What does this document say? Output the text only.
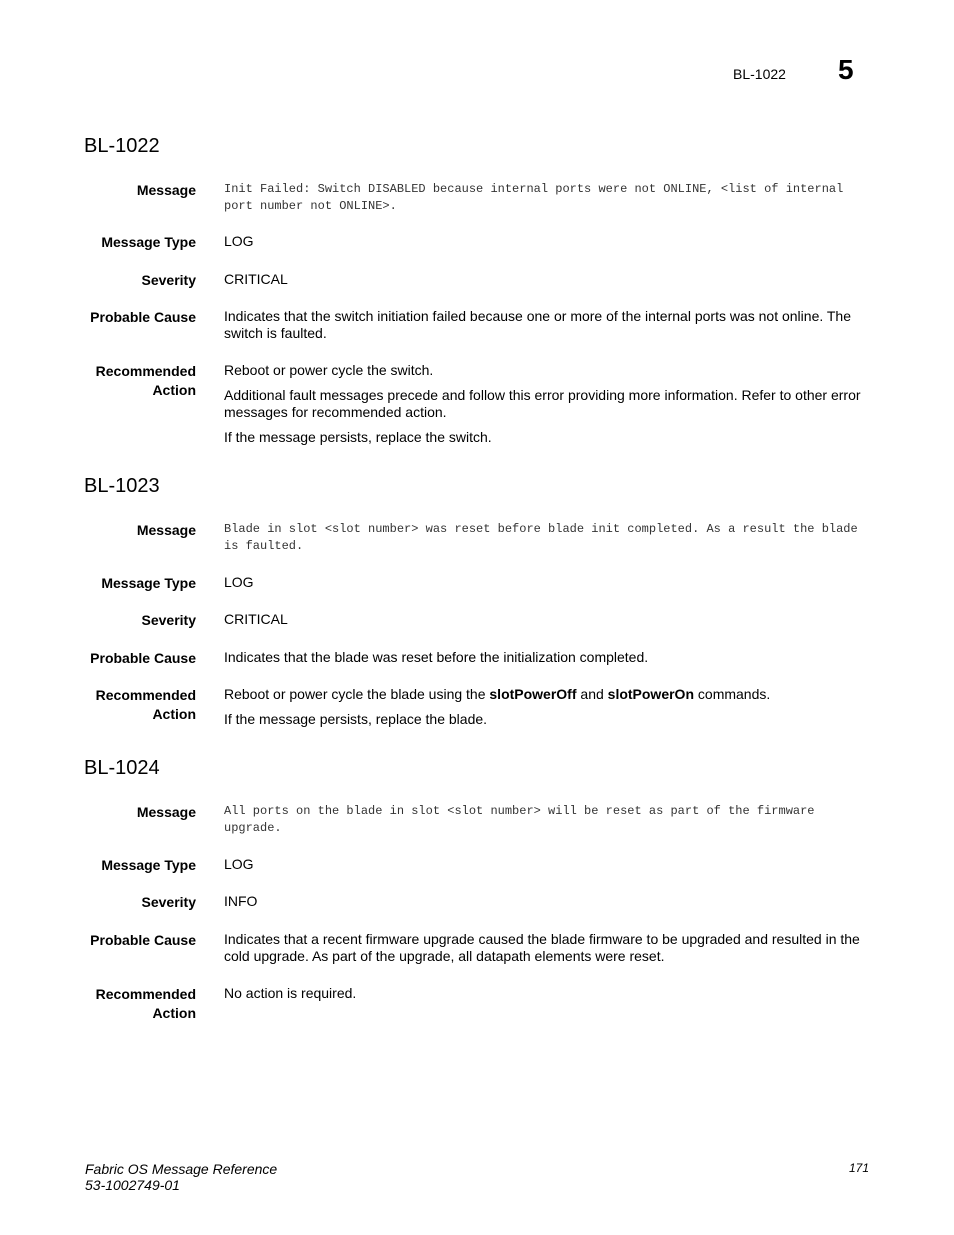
BL-1022 5
BL-1022
Message Init Failed: Switch DISABLED because internal ports were not ONLINE, <list of internal port number not ONLINE>.
Message Type LOG
Severity CRITICAL
Probable Cause Indicates that the switch initiation failed because one or more of the internal ports was not online. The switch is faulted.
Recommended
Action

Reboot or power cycle the switch.

Additional fault messages precede and follow this error providing more information. Refer to other error messages for recommended action.

If the message persists, replace the switch.

BL-1023
Message Blade in slot <slot number> was reset before blade init completed. As a result the blade is faulted.
Message Type LOG
Severity CRITICAL
Probable Cause Indicates that the blade was reset before the initialization completed.
Recommended
Action

Reboot or power cycle the blade using the slotPowerOff and slotPowerOn commands.

If the message persists, replace the blade.

BL-1024
Message All ports on the blade in slot <slot number> will be reset as part of the firmware upgrade.
Message Type LOG
Severity INFO
Probable Cause Indicates that a recent firmware upgrade caused the blade firmware to be upgraded and resulted in the cold upgrade. As part of the upgrade, all datapath elements were reset.
Recommended
Action

No action is required.

Fabric OS Message Reference
53-1002749-01
171
